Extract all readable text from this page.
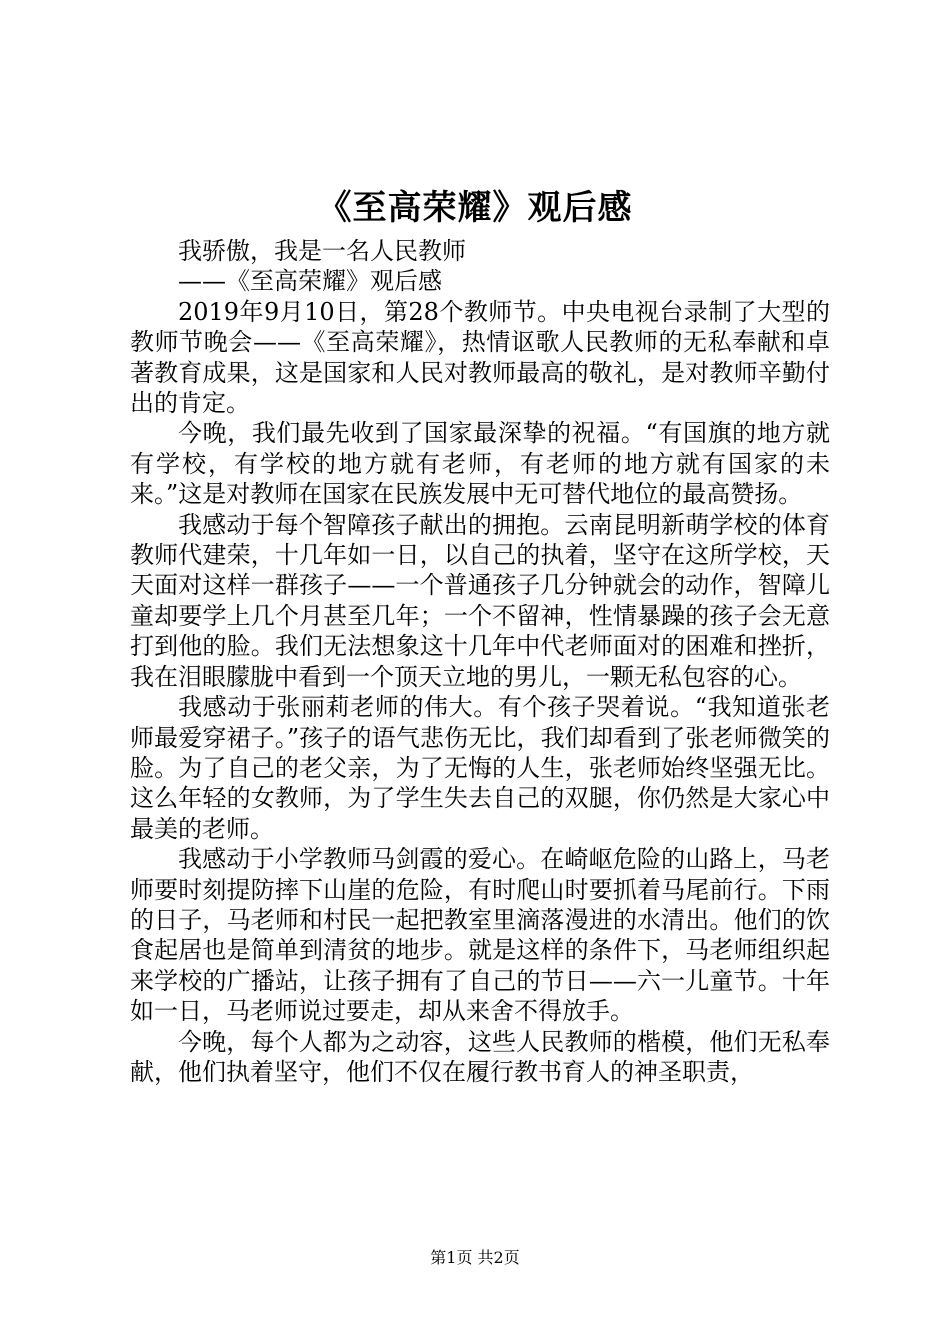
《至高荣耀》观后感

我骄傲，我是一名人民教师

——《至高荣耀》观后感

2019年9月10日，第28个教师节。中央电视台录制了大型的教师节晚会——《至高荣耀》，热情讴歌人民教师的无私奉献和卓著教育成果，这是国家和人民对教师最高的敬礼，是对教师辛勤付出的肯定。

今晚，我们最先收到了国家最深挚的祝福。“有国旗的地方就有学校，有学校的地方就有老师，有老师的地方就有国家的未来。”这是对教师在国家在民族发展中无可替代地位的最高赞扬。

我感动于每个智障孩子献出的拥抱。云南昆明新萌学校的体育教师代建荣，十几年如一日，以自己的执着，坚守在这所学校，天天面对这样一群孩子——一个普通孩子几分钟就会的动作，智障儿童却要学上几个月甚至几年；一个不留神，性情暴躁的孩子会无意打到他的脸。我们无法想象这十几年中代老师面对的困难和挫折，我在泪眼朦胧中看到一个顶天立地的男儿，一颗无私包容的心。

我感动于张丽莉老师的伟大。有个孩子哭着说。“我知道张老师最爱穿裙子。”孩子的语气悲伤无比，我们却看到了张老师微笑的脸。为了自己的老父亲，为了无悔的人生，张老师始终坚强无比。这么年轻的女教师，为了学生失去自己的双腿，你仍然是大家心中最美的老师。

我感动于小学教师马剑霞的爱心。在崎岖危险的山路上，马老师要时刻提防摔下山崖的危险，有时爬山时要抓着马尾前行。下雨的日子，马老师和村民一起把教室里滴落漫进的水清出。他们的饮食起居也是简单到清贫的地步。就是这样的条件下，马老师组织起来学校的广播站，让孩子拥有了自己的节日——六一儿童节。十年如一日，马老师说过要走，却从来舍不得放手。

今晚，每个人都为之动容，这些人民教师的楷模，他们无私奉献，他们执着坚守，他们不仅在履行教书育人的神圣职责，

第1页 共2页
